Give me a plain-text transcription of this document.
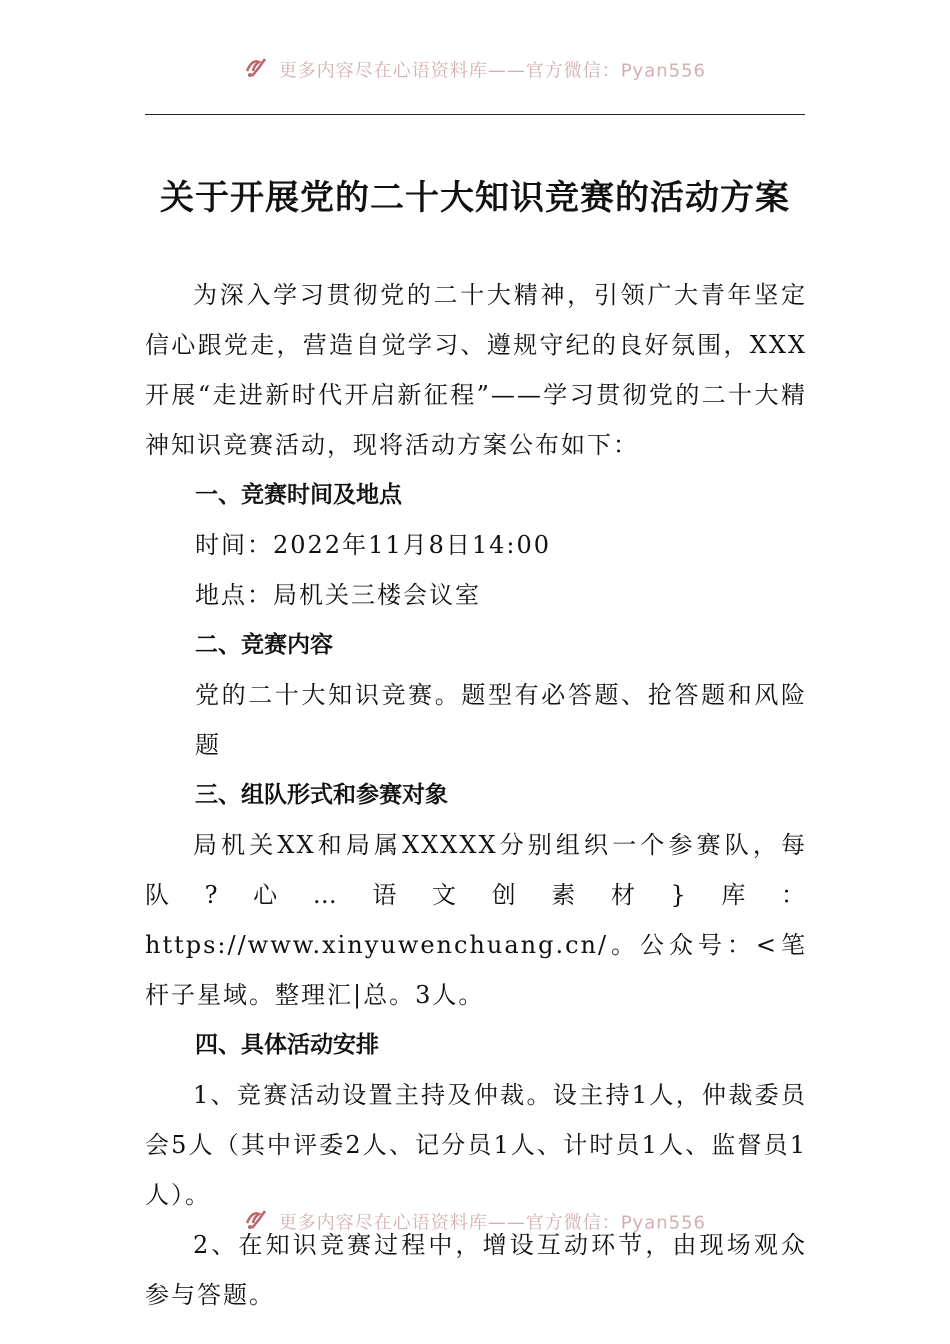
更多内容尽在心语资料库——官方微信：Pyan556
关于开展党的二十大知识竞赛的活动方案

为深入学习贯彻党的二十大精神，引领广大青年坚定信心跟党走，营造自觉学习、遵规守纪的良好氛围，XXX开展“走进新时代开启新征程”——学习贯彻党的二十大精神知识竞赛活动，现将活动方案公布如下：

一、竞赛时间及地点

时间：2022年11月8日14:00

地点：局机关三楼会议室

二、竞赛内容

党的二十大知识竞赛。题型有必答题、抢答题和风险题

三、组队形式和参赛对象

局机关XX和局属XXXXX分别组织一个参赛队，每队?心…语文创素材}库：https://www.xinyuwenchuang.cn/。公众号：<笔杆子星域。整理汇|总。3人。

四、具体活动安排

1、竞赛活动设置主持及仲裁。设主持1人，仲裁委员会5人（其中评委2人、记分员1人、计时员1人、监督员1人）。

2、在知识竞赛过程中，增设互动环节，由现场观众参与答题。

更多内容尽在心语资料库——官方微信：Pyan556
